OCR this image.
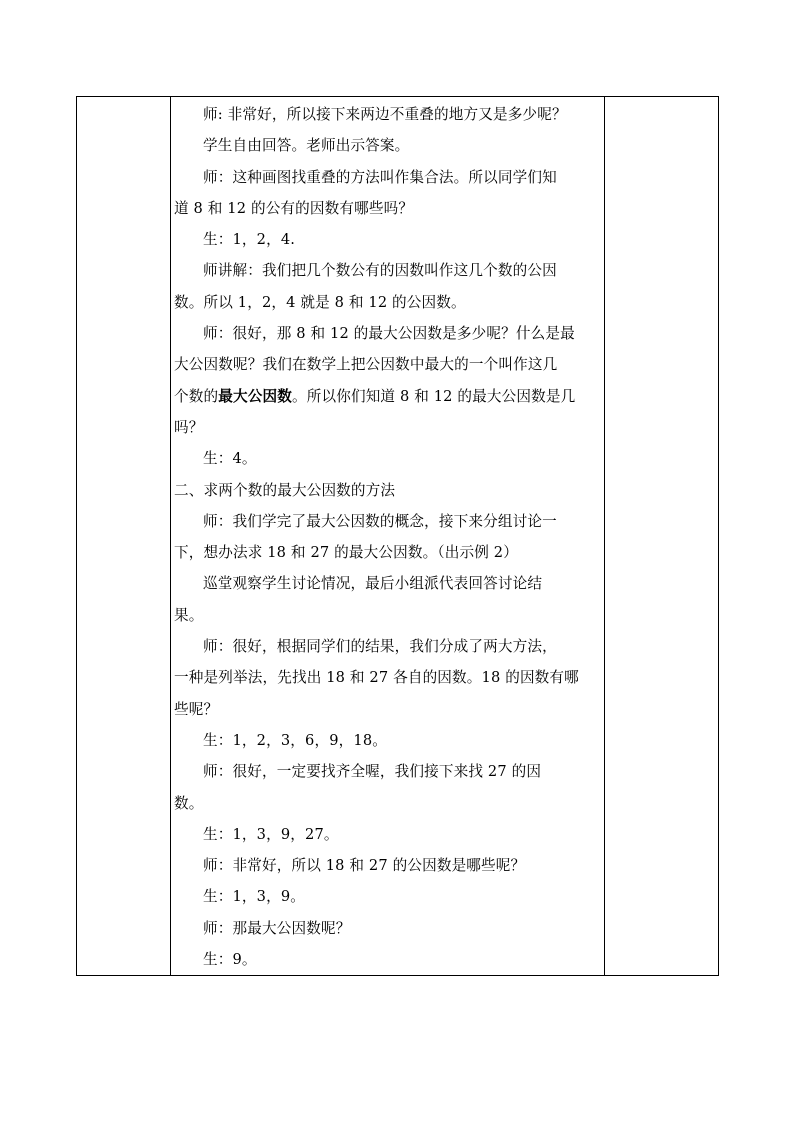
师: 非常好，所以接下来两边不重叠的地方又是多少呢？
学生自由回答。老师出示答案。
师：这种画图找重叠的方法叫作集合法。所以同学们知
道 8 和 12 的公有的因数有哪些吗？
生：1，2，4.
师讲解：我们把几个数公有的因数叫作这几个数的公因
数。所以 1，2，4 就是 8 和 12 的公因数。
师：很好，那 8 和 12 的最大公因数是多少呢？什么是最
大公因数呢？我们在数学上把公因数中最大的一个叫作这几
个数的最大公因数。所以你们知道 8 和 12 的最大公因数是几
吗？
生：4。
二、求两个数的最大公因数的方法
师：我们学完了最大公因数的概念，接下来分组讨论一
下，想办法求 18 和 27 的最大公因数。（出示例 2）
巡堂观察学生讨论情况，最后小组派代表回答讨论结
果。
师：很好，根据同学们的结果，我们分成了两大方法，
一种是列举法，先找出 18 和 27 各自的因数。18 的因数有哪
些呢？
生：1，2，3，6，9，18。
师：很好，一定要找齐全喔，我们接下来找 27 的因
数。
生：1，3，9，27。
师：非常好，所以 18 和 27 的公因数是哪些呢？
生：1，3，9。
师：那最大公因数呢？
生：9。
